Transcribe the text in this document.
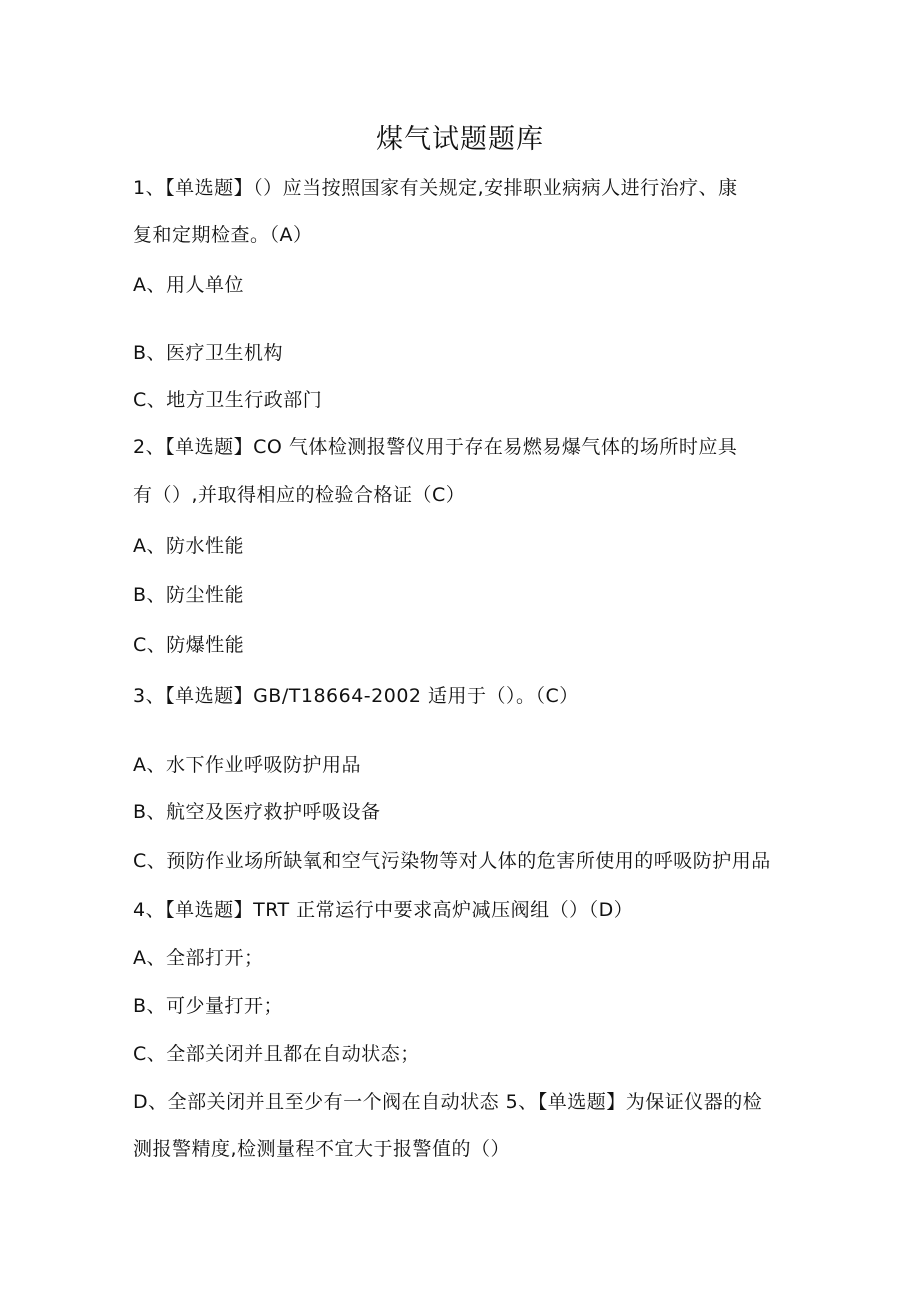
煤气试题题库
1、【单选题】（）应当按照国家有关规定,安排职业病病人进行治疗、康
复和定期检查。（A）
A、用人单位
B、医疗卫生机构
C、地方卫生行政部门
2、【单选题】CO 气体检测报警仪用于存在易燃易爆气体的场所时应具
有（）,并取得相应的检验合格证（C）
A、防水性能
B、防尘性能
C、防爆性能
3、【单选题】GB/T18664-2002 适用于（）。（C）
A、水下作业呼吸防护用品
B、航空及医疗救护呼吸设备
C、预防作业场所缺氧和空气污染物等对人体的危害所使用的呼吸防护用品
4、【单选题】TRT 正常运行中要求高炉减压阀组（）（D）
A、全部打开；
B、可少量打开；
C、全部关闭并且都在自动状态；
D、全部关闭并且至少有一个阀在自动状态 5、【单选题】为保证仪器的检
测报警精度,检测量程不宜大于报警值的（）
